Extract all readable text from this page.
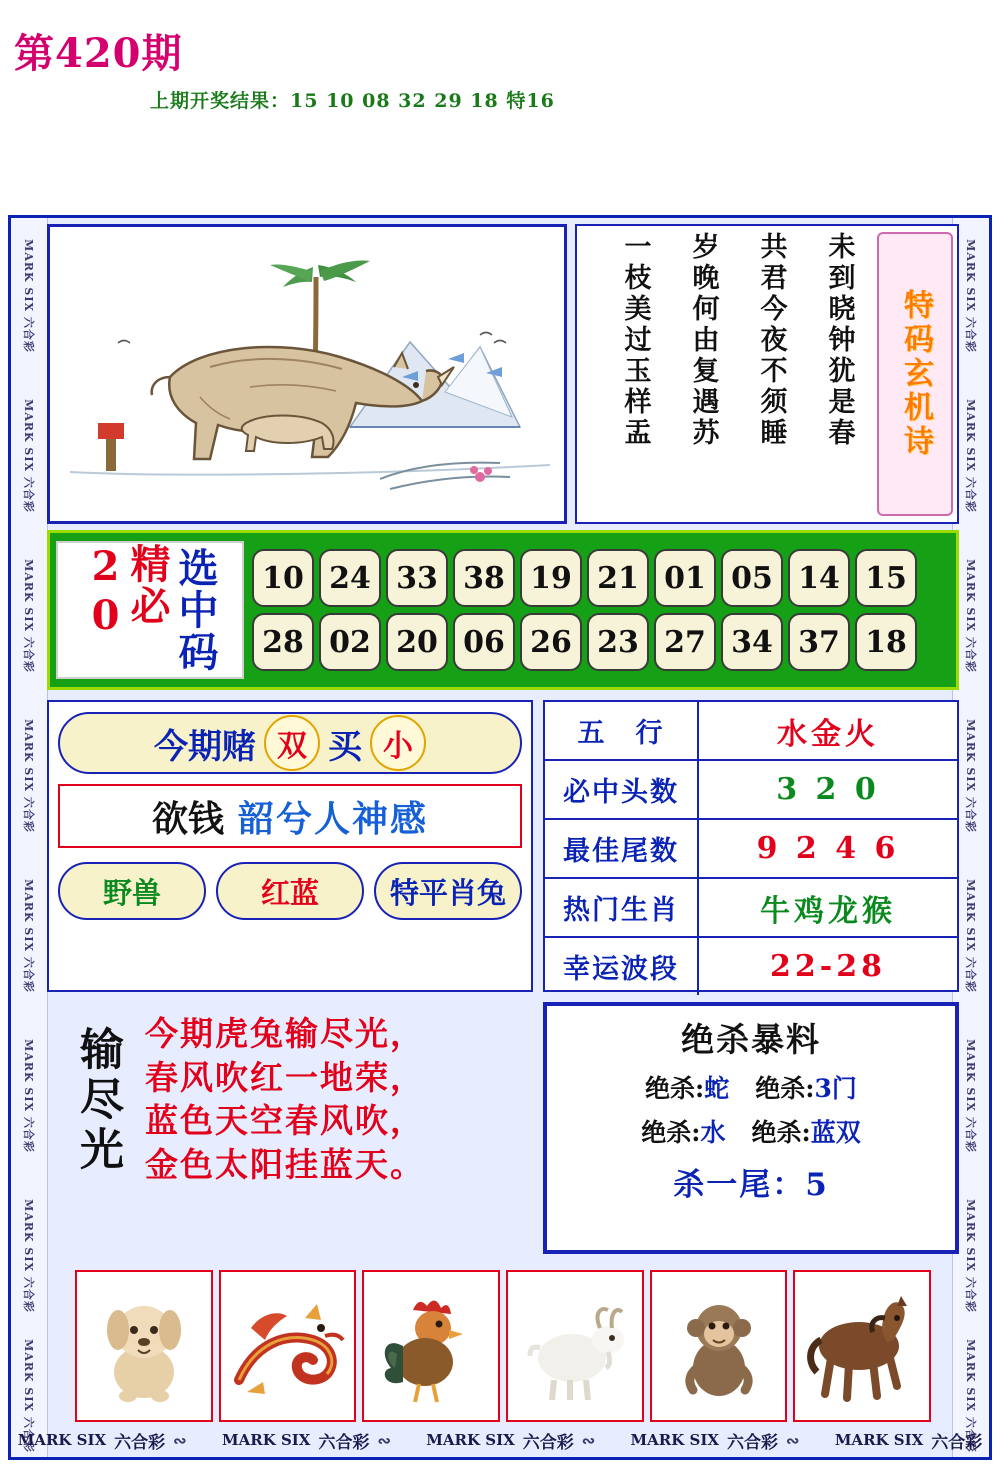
第420期
上期开奖结果：15 10 08 32 29 18 特16
MARK SIX 六合彩
MARK SIX 六合彩
MARK SIX 六合彩
MARK SIX 六合彩
MARK SIX 六合彩
MARK SIX 六合彩
MARK SIX 六合彩
MARK SIX 六合彩
MARK SIX 六合彩
MARK SIX 六合彩
MARK SIX 六合彩
MARK SIX 六合彩
MARK SIX 六合彩
MARK SIX 六合彩
MARK SIX 六合彩
MARK SIX 六合彩
特码玄机诗
未到晓钟犹是春
共君今夜不须睡
岁晚何由复遇苏
一枝美过玉样盂
精必20	选中码	10 24 33 38 19 21 01 05 14 15
28 02 20 06 26 23 27 34 37 18
今期赌 双 买 小
欲钱 韶兮人神感
野兽	红蓝	特平肖兔
五　行	水金火
必中头数	3 2 0
最佳尾数	9 2 4 6
热门生肖	牛鸡龙猴
幸运波段	22-28
输尽光 今期虎兔输尽光，
春风吹红一地荣，
蓝色天空春风吹，
金色太阳挂蓝天。
绝杀暴料
绝杀:蛇 绝杀:3门
绝杀:水 绝杀:蓝双
杀一尾：5
MARK SIX 六合彩 ∾ MARK SIX 六合彩 ∾ MARK SIX 六合彩 ∾ MARK SIX 六合彩 ∾ MARK SIX 六合彩
